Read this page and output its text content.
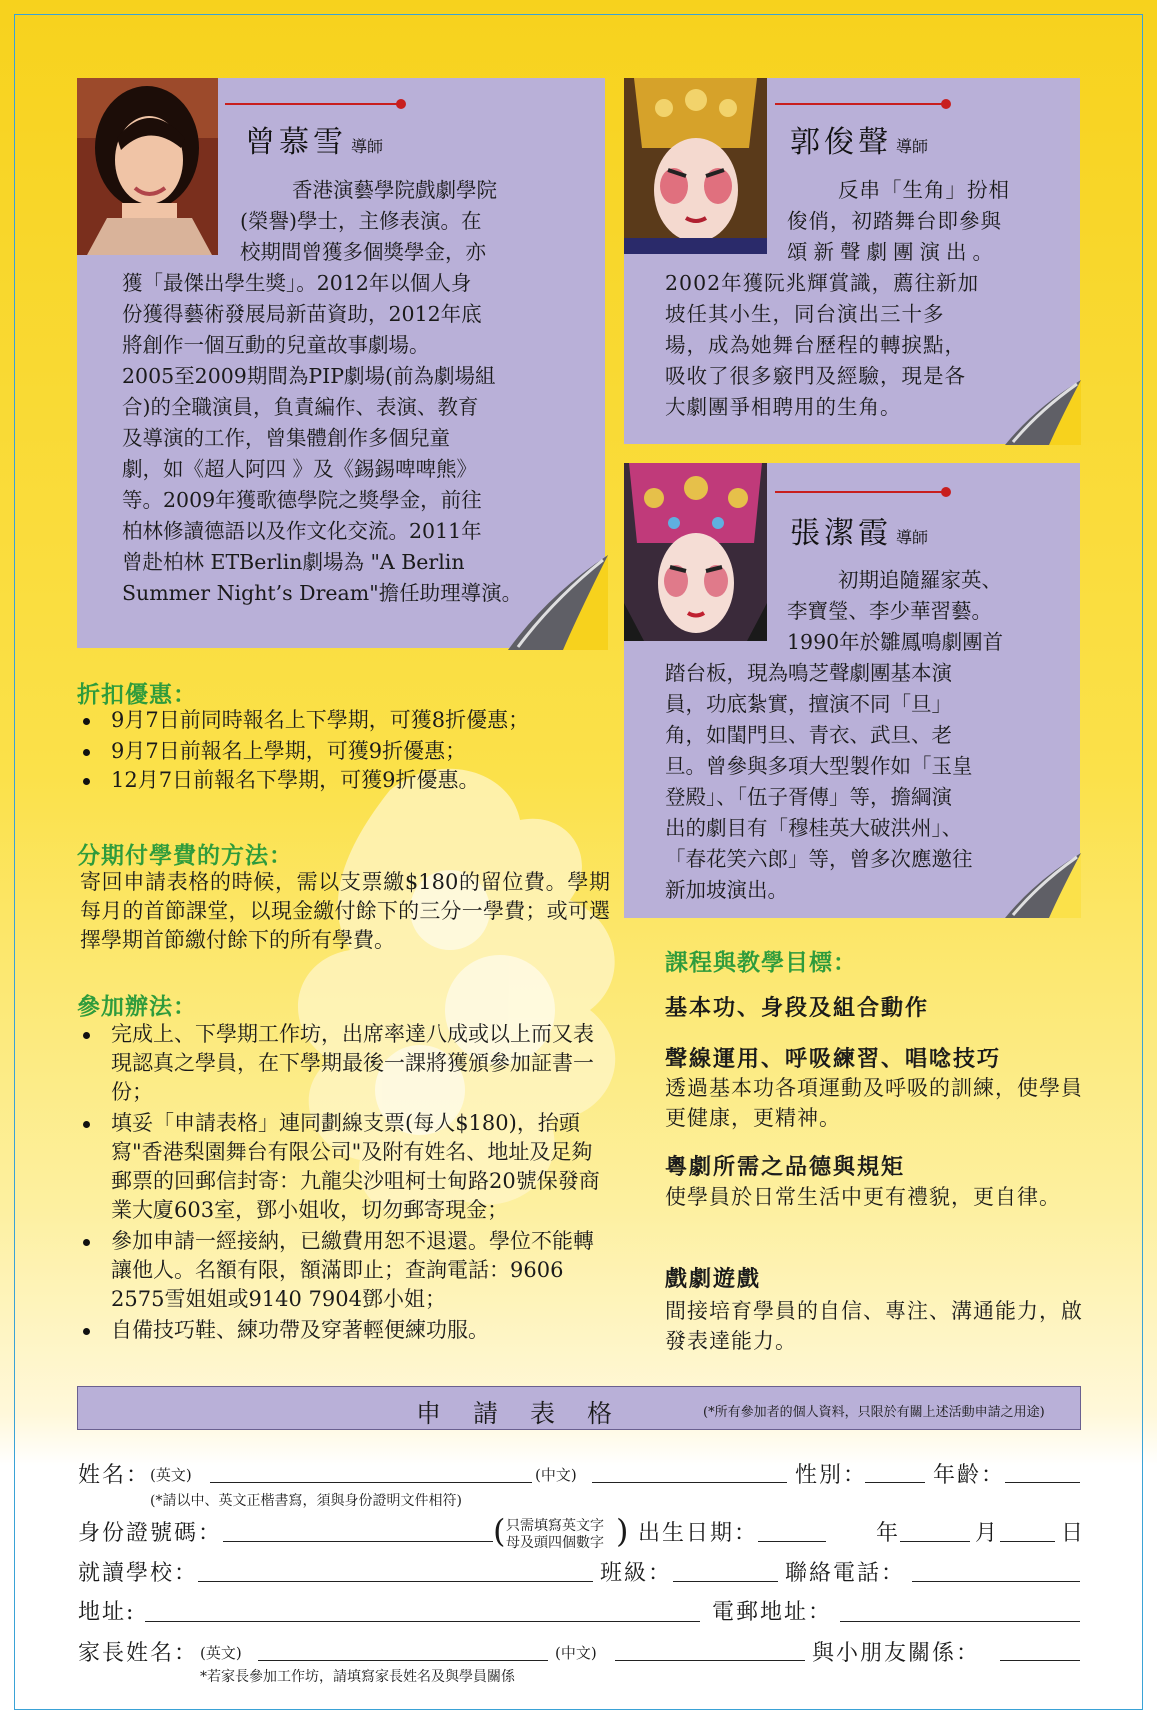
曾慕雪 導師
香港演藝學院戲劇學院
(榮譽)學士，主修表演。在
校期間曾獲多個獎學金，亦
獲「最傑出學生獎」。2012年以個人身
份獲得藝術發展局新苗資助，2012年底
將創作一個互動的兒童故事劇場。
2005至2009期間為PIP劇場(前為劇場組
合)的全職演員，負責編作、表演、教育
及導演的工作，曾集體創作多個兒童
劇，如《超人阿四 》及《錫錫啤啤熊》
等。2009年獲歌德學院之獎學金，前往
柏林修讀德語以及作文化交流。2011年
曾赴柏林 ETBerlin劇場為 "A Berlin
Summer Night’s Dream"擔任助理導演。
郭俊聲 導師
反串「生角」扮相
俊俏，初踏舞台即參與
頌新聲劇團演出。
2002年獲阮兆輝賞識，薦往新加
坡任其小生，同台演出三十多
場，成為她舞台歷程的轉捩點，
吸收了很多竅門及經驗，現是各
大劇團爭相聘用的生角。
張潔霞 導師
初期追隨羅家英、
李寶瑩、李少華習藝。
1990年於雛鳳鳴劇團首
踏台板，現為鳴芝聲劇團基本演
員，功底紮實，擅演不同「旦」
角，如閨門旦、青衣、武旦、老
旦。曾參與多項大型製作如「玉皇
登殿」、「伍子胥傳」等，擔綱演
出的劇目有「穆桂英大破洪州」、
「春花笑六郎」等，曾多次應邀往
新加坡演出。
折扣優惠：
9月7日前同時報名上下學期，可獲8折優惠；
9月7日前報名上學期，可獲9折優惠；
12月7日前報名下學期，可獲9折優惠。
分期付學費的方法：
寄回申請表格的時候，需以支票繳$180的留位費。學期每月的首節課堂，以現金繳付餘下的三分一學費；或可選擇學期首節繳付餘下的所有學費。
參加辦法：
完成上、下學期工作坊，出席率達八成或以上而又表現認真之學員，在下學期最後一課將獲頒參加証書一份；
填妥「申請表格」連同劃線支票(每人$180)，抬頭寫"香港梨園舞台有限公司"及附有姓名、地址及足夠郵票的回郵信封寄：九龍尖沙咀柯士甸路20號保發商業大廈603室，鄧小姐收，切勿郵寄現金；
參加申請一經接納，已繳費用恕不退還。學位不能轉讓他人。名額有限，額滿即止；查詢電話：9606 2575雪姐姐或9140 7904鄧小姐；
自備技巧鞋、練功帶及穿著輕便練功服。
課程與教學目標：
基本功、身段及組合動作
聲線運用、呼吸練習、唱唸技巧
透過基本功各項運動及呼吸的訓練，使學員更健康，更精神。
粵劇所需之品德與規矩
使學員於日常生活中更有禮貌，更自律。
戲劇遊戲
間接培育學員的自信、專注、溝通能力，啟發表達能力。
申請表格	(*所有參加者的個人資料，只限於有關上述活動申請之用途)
姓名： (英文)	(中文)	性別：	年齡：
(*請以中、英文正楷書寫，須與身份證明文件相符)
身份證號碼：	( 只需填寫英文字
母及頭四個數字 ) 出生日期：	年	月	日
就讀學校：	班級：	聯絡電話：
地址:	電郵地址：
家長姓名： (英文)	(中文)	與小朋友關係：
*若家長參加工作坊，請填寫家長姓名及與學員關係
